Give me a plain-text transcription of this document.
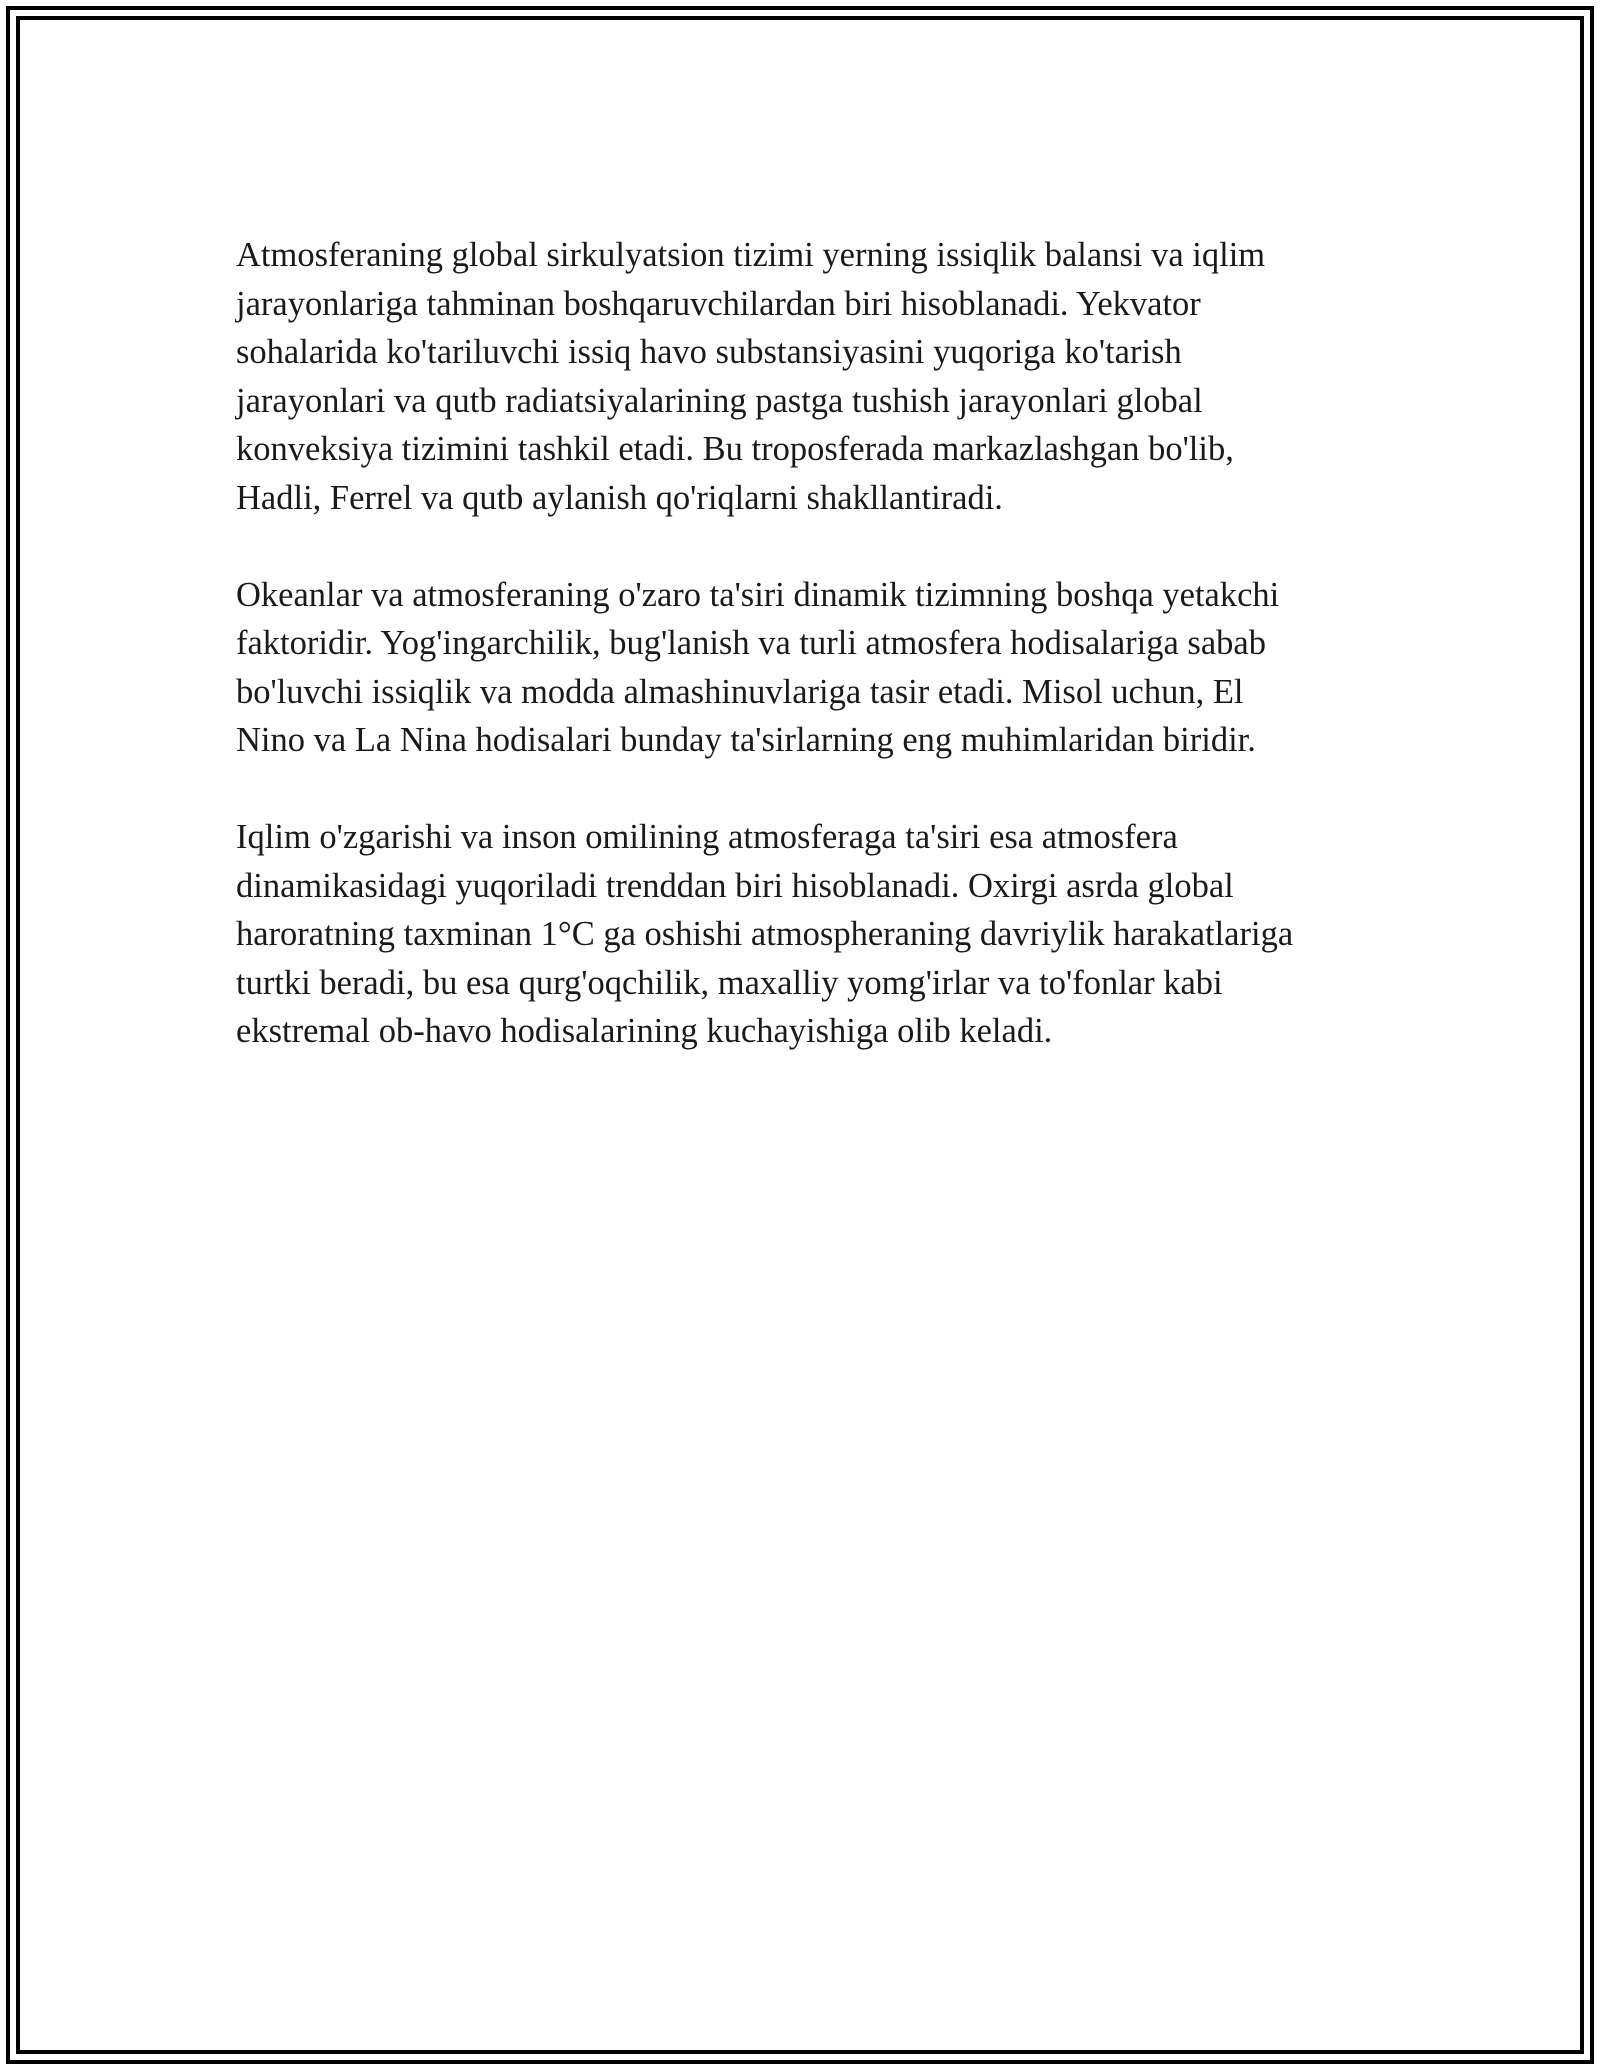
Atmosferaning global sirkulyatsion tizimi yerning issiqlik balansi va iqlim
jarayonlariga tahminan boshqaruvchilardan biri hisoblanadi. Yekvator
sohalarida ko'tariluvchi issiq havo substansiyasini yuqoriga ko'tarish
jarayonlari va qutb radiatsiyalarining pastga tushish jarayonlari global
konveksiya tizimini tashkil etadi. Bu troposferada markazlashgan bo'lib,
Hadli, Ferrel va qutb aylanish qo'riqlarni shakllantiradi.

Okeanlar va atmosferaning o'zaro ta'siri dinamik tizimning boshqa yetakchi
faktoridir. Yog'ingarchilik, bug'lanish va turli atmosfera hodisalariga sabab
bo'luvchi issiqlik va modda almashinuvlariga tasir etadi. Misol uchun, El
Nino va La Nina hodisalari bunday ta'sirlarning eng muhimlaridan biridir.

Iqlim o'zgarishi va inson omilining atmosferaga ta'siri esa atmosfera
dinamikasidagi yuqoriladi trenddan biri hisoblanadi. Oxirgi asrda global
haroratning taxminan 1°C ga oshishi atmospheraning davriylik harakatlariga
turtki beradi, bu esa qurg'oqchilik, maxalliy yomg'irlar va to'fonlar kabi
ekstremal ob-havo hodisalarining kuchayishiga olib keladi.
